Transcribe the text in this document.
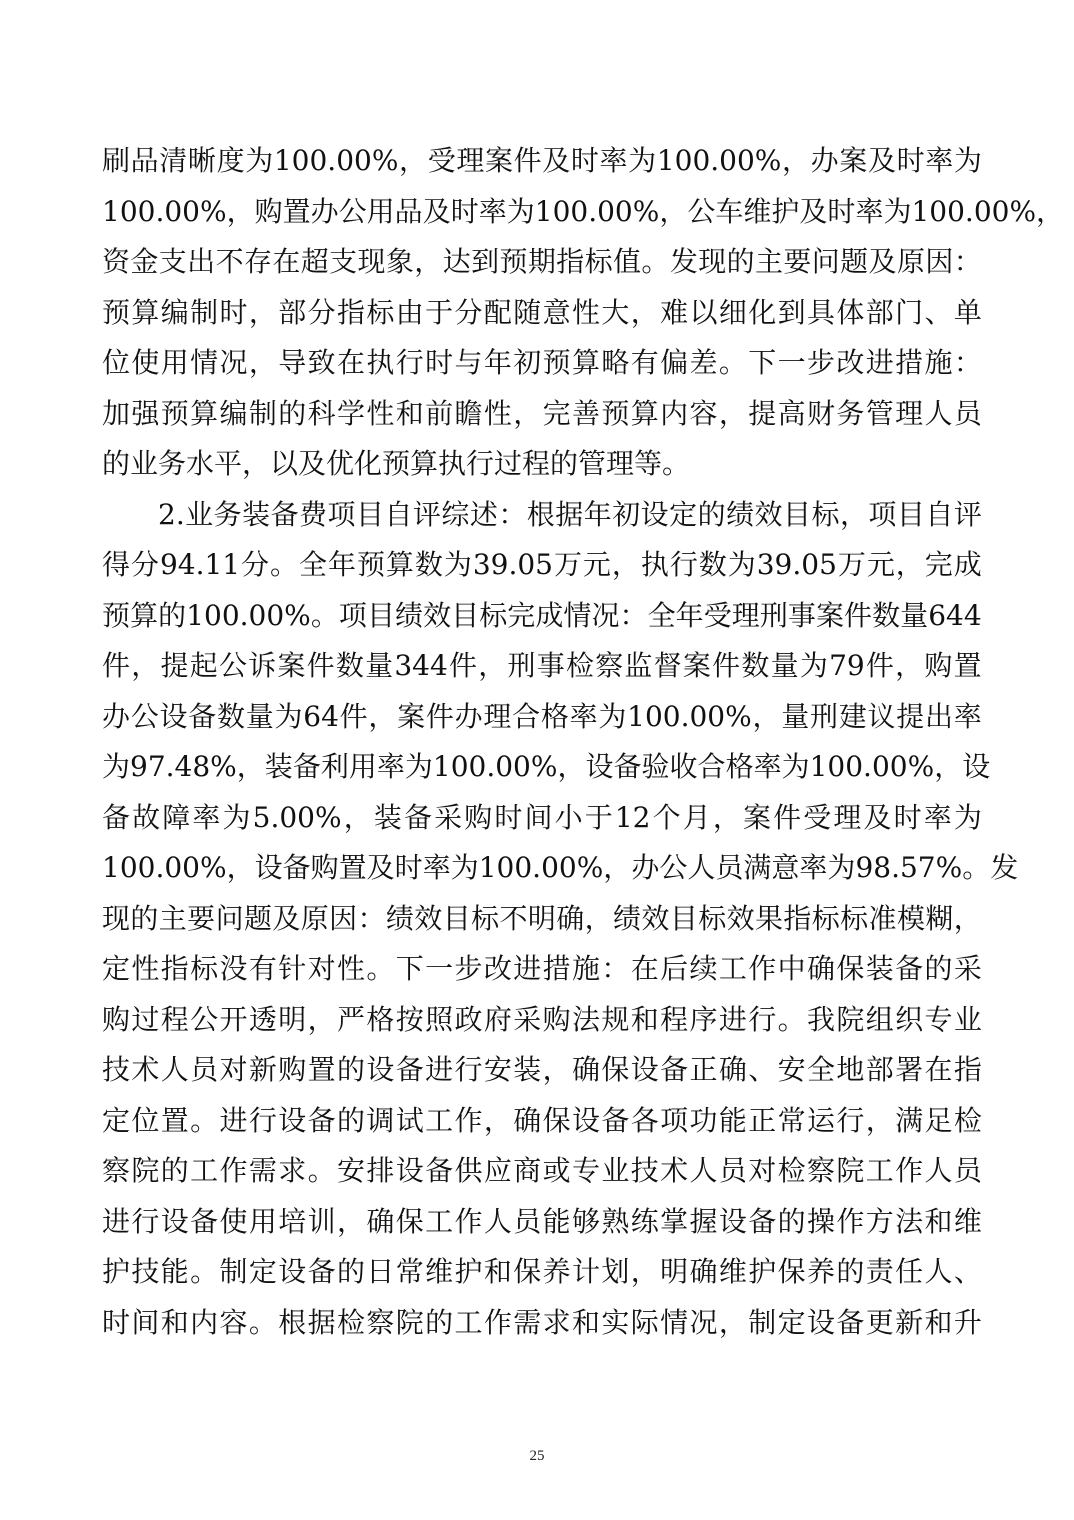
刷 品 清 晰 度 为 100.00% ， 受 理 案 件 及 时 率 为 100.00% ， 办 案 及 时 率 为
100.00% ， 购 置 办 公 用 品 及 时 率 为 100.00% ， 公 车 维 护 及 时 率 为 100.00% ，
资 金 支 出 不 存 在 超 支 现 象 ， 达 到 预 期 指 标 值 。 发 现 的 主 要 问 题 及 原 因 ：
预 算 编 制 时 ， 部 分 指 标 由 于 分 配 随 意 性 大 ， 难 以 细 化 到 具 体 部 门 、 单
位 使 用 情 况 ， 导 致 在 执 行 时 与 年 初 预 算 略 有 偏 差 。 下 一 步 改 进 措 施 ：
加 强 预 算 编 制 的 科 学 性 和 前 瞻 性 ， 完 善 预 算 内 容 ， 提 高 财 务 管 理 人 员
的业务水平，以及优化预算执行过程的管理等。
2. 业 务 装 备 费 项 目 自 评 综 述 ： 根 据 年 初 设 定 的 绩 效 目 标 ， 项 目 自 评
得 分 94.11 分 。 全 年 预 算 数 为 39.05 万 元 ， 执 行 数 为 39.05 万 元 ， 完 成
预 算 的 100.00% 。 项 目 绩 效 目 标 完 成 情 况 ： 全 年 受 理 刑 事 案 件 数 量 644
件 ， 提 起 公 诉 案 件 数 量 344 件 ， 刑 事 检 察 监 督 案 件 数 量 为 79 件 ， 购 置
办 公 设 备 数 量 为 64 件 ， 案 件 办 理 合 格 率 为 100.00% ， 量 刑 建 议 提 出 率
为 97.48% ， 装 备 利 用 率 为 100.00% ， 设 备 验 收 合 格 率 为 100.00% ， 设
备 故 障 率 为 5.00% ， 装 备 采 购 时 间 小 于 12 个 月 ， 案 件 受 理 及 时 率 为
100.00% ， 设 备 购 置 及 时 率 为 100.00% ， 办 公 人 员 满 意 率 为 98.57% 。 发
现 的 主 要 问 题 及 原 因 ： 绩 效 目 标 不 明 确 ， 绩 效 目 标 效 果 指 标 标 准 模 糊 ，
定 性 指 标 没 有 针 对 性 。 下 一 步 改 进 措 施 ： 在 后 续 工 作 中 确 保 装 备 的 采
购 过 程 公 开 透 明 ， 严 格 按 照 政 府 采 购 法 规 和 程 序 进 行 。 我 院 组 织 专 业
技 术 人 员 对 新 购 置 的 设 备 进 行 安 装 ， 确 保 设 备 正 确 、 安 全 地 部 署 在 指
定 位 置 。 进 行 设 备 的 调 试 工 作 ， 确 保 设 备 各 项 功 能 正 常 运 行 ， 满 足 检
察 院 的 工 作 需 求 。 安 排 设 备 供 应 商 或 专 业 技 术 人 员 对 检 察 院 工 作 人 员
进 行 设 备 使 用 培 训 ， 确 保 工 作 人 员 能 够 熟 练 掌 握 设 备 的 操 作 方 法 和 维
护 技 能 。 制 定 设 备 的 日 常 维 护 和 保 养 计 划 ， 明 确 维 护 保 养 的 责 任 人 、
时 间 和 内 容 。 根 据 检 察 院 的 工 作 需 求 和 实 际 情 况 ， 制 定 设 备 更 新 和 升
25
